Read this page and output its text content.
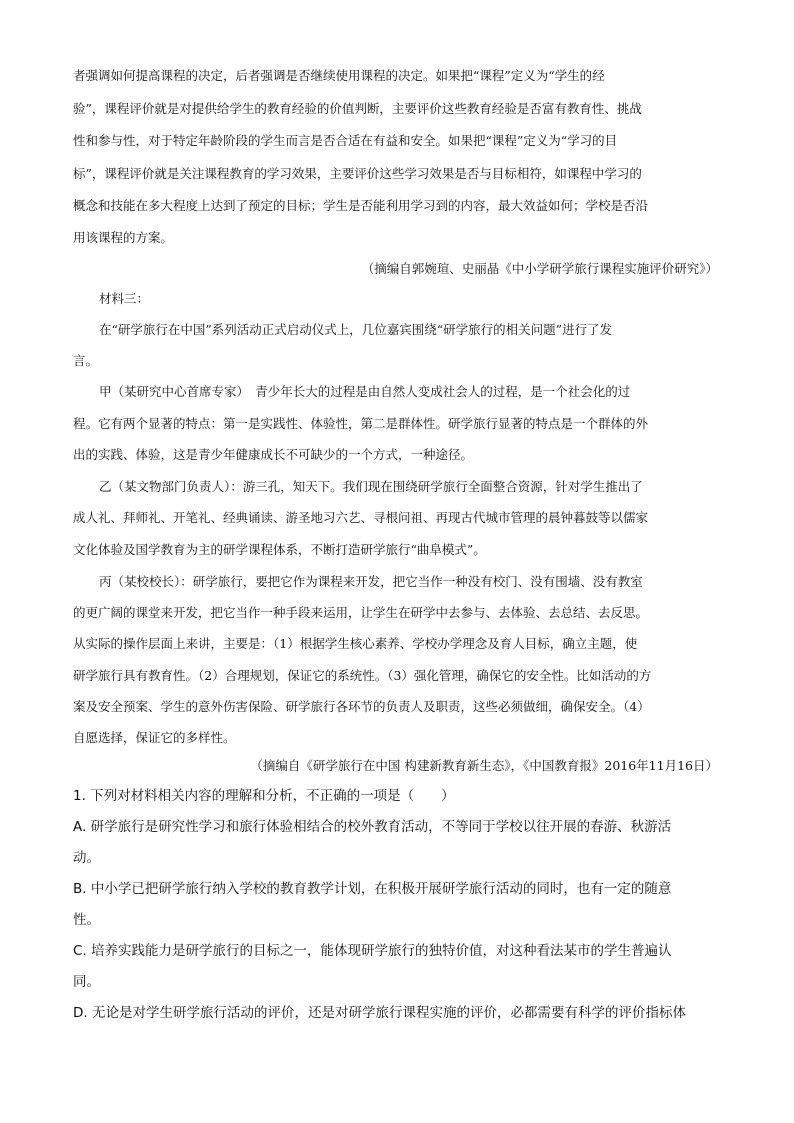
者强调如何提高课程的决定，后者强调是否继续使用课程的决定。如果把“课程”定义为“学生的经
验”，课程评价就是对提供给学生的教育经验的价值判断，主要评价这些教育经验是否富有教育性、挑战
性和参与性，对于特定年龄阶段的学生而言是否合适在有益和安全。如果把“课程”定义为“学习的目
标”，课程评价就是关注课程教育的学习效果，主要评价这些学习效果是否与目标相符，如课程中学习的
概念和技能在多大程度上达到了预定的目标；学生是否能利用学习到的内容，最大效益如何；学校是否沿
用该课程的方案。
（摘编自郭婉瑄、史丽晶《中小学研学旅行课程实施评价研究》）
材料三：
在“研学旅行在中国”系列活动正式启动仪式上，几位嘉宾围绕“研学旅行的相关问题”进行了发
言。
甲（某研究中心首席专家）　青少年长大的过程是由自然人变成社会人的过程，是一个社会化的过
程。它有两个显著的特点：第一是实践性、体验性，第二是群体性。研学旅行显著的特点是一个群体的外
出的实践、体验，这是青少年健康成长不可缺少的一个方式，一种途径。
乙（某文物部门负责人）：游三孔，知天下。我们现在围绕研学旅行全面整合资源，针对学生推出了
成人礼、拜师礼、开笔礼、经典诵读、游圣地习六艺、寻根问祖、再现古代城市管理的晨钟暮鼓等以儒家
文化体验及国学教育为主的研学课程体系，不断打造研学旅行“曲阜模式”。
丙（某校校长）：研学旅行，要把它作为课程来开发，把它当作一种没有校门、没有围墙、没有教室
的更广阔的课堂来开发，把它当作一种手段来运用，让学生在研学中去参与、去体验、去总结、去反思。
从实际的操作层面上来讲，主要是：（1）根据学生核心素养、学校办学理念及育人目标，确立主题，使
研学旅行具有教育性。（2）合理规划，保证它的系统性。（3）强化管理，确保它的安全性。比如活动的方
案及安全预案、学生的意外伤害保险、研学旅行各环节的负责人及职责，这些必须做细，确保安全。（4）
自愿选择，保证它的多样性。
（摘编自《研学旅行在中国 构建新教育新生态》，《中国教育报》2016年11月16日）
1. 下列对材料相关内容的理解和分析，不正确的一项是（　　）
A. 研学旅行是研究性学习和旅行体验相结合的校外教育活动，不等同于学校以往开展的春游、秋游活
动。
B. 中小学已把研学旅行纳入学校的教育教学计划，在积极开展研学旅行活动的同时，也有一定的随意
性。
C. 培养实践能力是研学旅行的目标之一，能体现研学旅行的独特价值，对这种看法某市的学生普遍认
同。
D. 无论是对学生研学旅行活动的评价，还是对研学旅行课程实施的评价，必都需要有科学的评价指标体
